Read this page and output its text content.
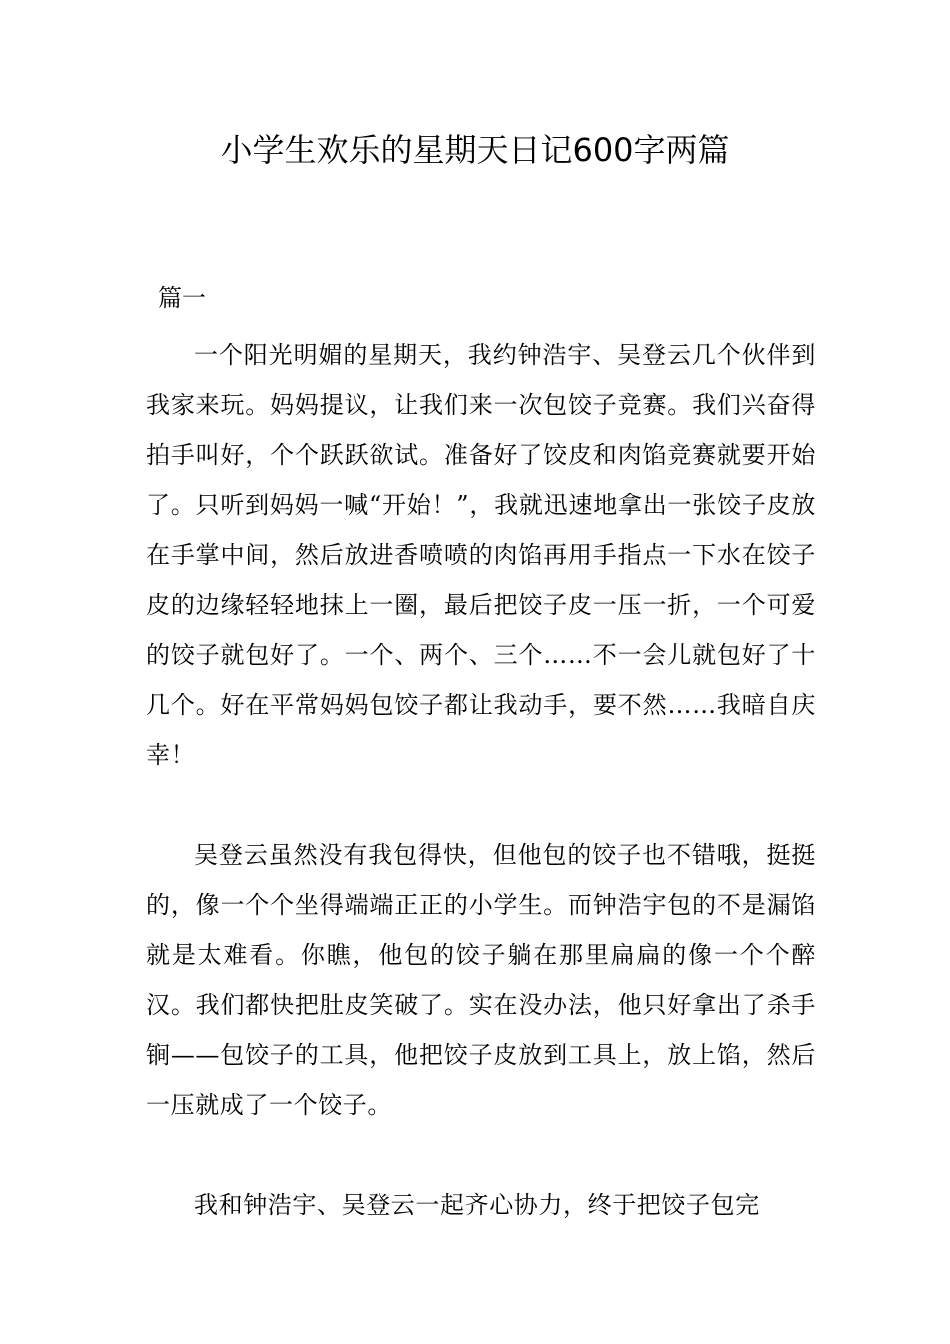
小学生欢乐的星期天日记600字两篇
篇一

一个阳光明媚的星期天，我约钟浩宇、吴登云几个伙伴到我家来玩。妈妈提议，让我们来一次包饺子竞赛。我们兴奋得拍手叫好，个个跃跃欲试。准备好了饺皮和肉馅竞赛就要开始了。只听到妈妈一喊“开始！”，我就迅速地拿出一张饺子皮放在手掌中间，然后放进香喷喷的肉馅再用手指点一下水在饺子皮的边缘轻轻地抹上一圈，最后把饺子皮一压一折，一个可爱的饺子就包好了。一个、两个、三个……不一会儿就包好了十几个。好在平常妈妈包饺子都让我动手，要不然……我暗自庆幸！

吴登云虽然没有我包得快，但他包的饺子也不错哦，挺挺的，像一个个坐得端端正正的小学生。而钟浩宇包的不是漏馅就是太难看。你瞧，他包的饺子躺在那里扁扁的像一个个醉汉。我们都快把肚皮笑破了。实在没办法，他只好拿出了杀手锏——包饺子的工具，他把饺子皮放到工具上，放上馅，然后一压就成了一个饺子。

我和钟浩宇、吴登云一起齐心协力，终于把饺子包完
